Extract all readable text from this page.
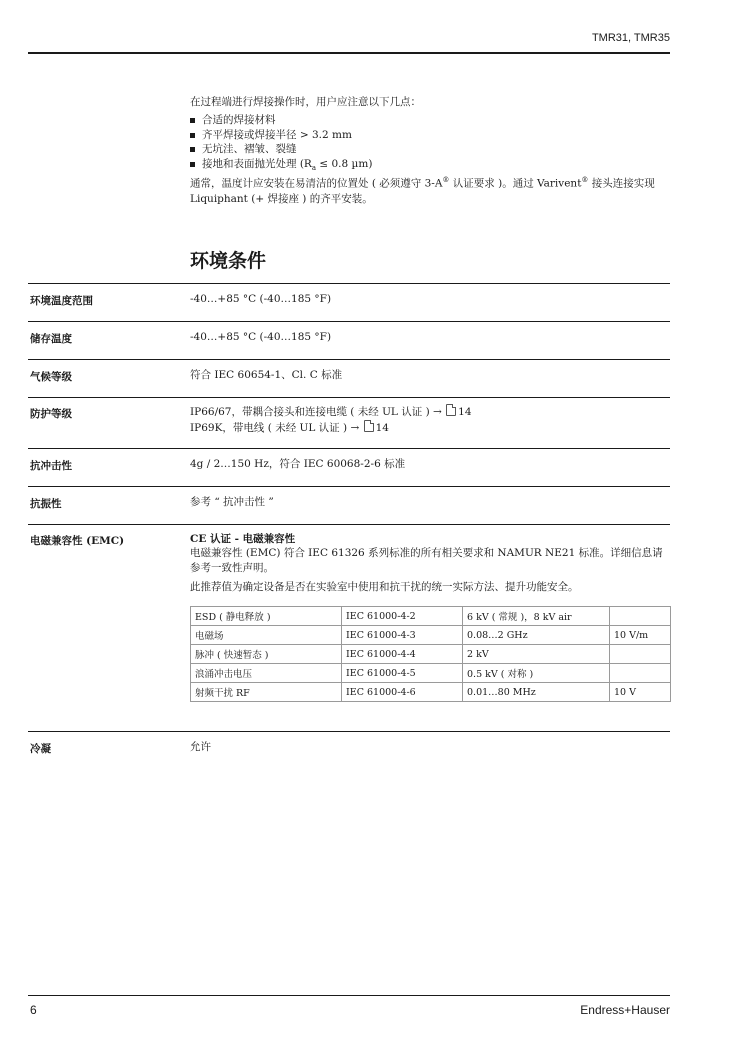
TMR31, TMR35
在过程端进行焊接操作时，用户应注意以下几点：
合适的焊接材料
齐平焊接或焊接半径 > 3.2 mm
无坑洼、褶皱、裂缝
接地和表面抛光处理 ($R_a \le 0.8$ µm)
通常，温度计应安装在易清洁的位置处 ( 必须遵守 3-A® 认证要求 )。通过 Varivent® 接头连接实现
Liquiphant (+ 焊接座 ) 的齐平安装。
环境条件
环境温度范围	-40…+85 °C (-40…185 °F)
储存温度	-40…+85 °C (-40…185 °F)
气候等级	符合 IEC 60654-1、Cl. C 标准
防护等级	IP66/67，带耦合接头和连接电缆 ( 未经 UL 认证 ) → 14
IP69K，带电线 ( 未经 UL 认证 ) → 14
抗冲击性	4g / 2…150 Hz，符合 IEC 60068-2-6 标准
抗振性	参考 “ 抗冲击性 ”
电磁兼容性 (EMC)	CE 认证 - 电磁兼容性
电磁兼容性 (EMC) 符合 IEC 61326 系列标准的所有相关要求和 NAMUR NE21 标准。详细信息请
参考一致性声明。
此推荐值为确定设备是否在实验室中使用和抗干扰的统一实际方法、提升功能安全。
ESD ( 静电释放 )	IEC 61000-4-2	6 kV ( 常规 )，8 kV air	
电磁场	IEC 61000-4-3	0.08…2 GHz	10 V/m
脉冲 ( 快速暂态 )	IEC 61000-4-4	2 kV	
浪涌冲击电压	IEC 61000-4-5	0.5 kV ( 对称 )	
射频干扰 RF	IEC 61000-4-6	0.01…80 MHz	10 V
冷凝	允许
6	Endress+Hauser
